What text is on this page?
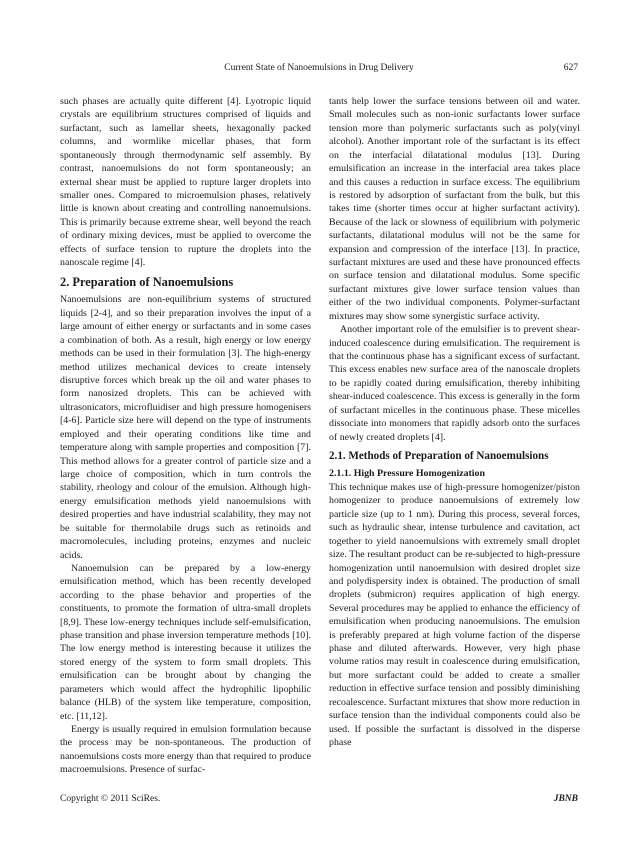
Current State of Nanoemulsions in Drug Delivery	627

such phases are actually quite different [4]. Lyotropic liquid crystals are equilibrium structures comprised of liquids and surfactant, such as lamellar sheets, hexagonally packed columns, and wormlike micellar phases, that form spontaneously through thermodynamic self assembly. By contrast, nanoemulsions do not form spontaneously; an external shear must be applied to rupture larger droplets into smaller ones. Compared to microemulsion phases, relatively little is known about creating and controlling nanoemulsions. This is primarily because extreme shear, well beyond the reach of ordinary mixing devices, must be applied to overcome the effects of surface tension to rupture the droplets into the nanoscale regime [4].

2. Preparation of Nanoemulsions

Nanoemulsions are non-equilibrium systems of structured liquids [2-4], and so their preparation involves the input of a large amount of either energy or surfactants and in some cases a combination of both. As a result, high energy or low energy methods can be used in their formulation [3]. The high-energy method utilizes mechanical devices to create intensely disruptive forces which break up the oil and water phases to form nanosized droplets. This can be achieved with ultrasonicators, microfluidiser and high pressure homogenisers [4-6]. Particle size here will depend on the type of instruments employed and their operating conditions like time and temperature along with sample properties and composition [7]. This method allows for a greater control of particle size and a large choice of composition, which in turn controls the stability, rheology and colour of the emulsion. Although high-energy emulsification methods yield nanoemulsions with desired properties and have industrial scalability, they may not be suitable for thermolabile drugs such as retinoids and macromolecules, including proteins, enzymes and nucleic acids.

Nanoemulsion can be prepared by a low-energy emulsification method, which has been recently developed according to the phase behavior and properties of the constituents, to promote the formation of ultra-small droplets [8,9]. These low-energy techniques include self-emulsification, phase transition and phase inversion temperature methods [10]. The low energy method is interesting because it utilizes the stored energy of the system to form small droplets. This emulsification can be brought about by changing the parameters which would affect the hydrophilic lipophilic balance (HLB) of the system like temperature, composition, etc. [11,12].

Energy is usually required in emulsion formulation because the process may be non-spontaneous. The production of nanoemulsions costs more energy than that required to produce macroemulsions. Presence of surfac-

tants help lower the surface tensions between oil and water. Small molecules such as non-ionic surfactants lower surface tension more than polymeric surfactants such as poly(vinyl alcohol). Another important role of the surfactant is its effect on the interfacial dilatational modulus [13]. During emulsification an increase in the interfacial area takes place and this causes a reduction in surface excess. The equilibrium is restored by adsorption of surfactant from the bulk, but this takes time (shorter times occur at higher surfactant activity). Because of the lack or slowness of equilibrium with polymeric surfactants, dilatational modulus will not be the same for expansion and compression of the interface [13]. In practice, surfactant mixtures are used and these have pronounced effects on surface tension and dilatational modulus. Some specific surfactant mixtures give lower surface tension values than either of the two individual components. Polymer-surfactant mixtures may show some synergistic surface activity.

Another important role of the emulsifier is to prevent shear-induced coalescence during emulsification. The requirement is that the continuous phase has a significant excess of surfactant. This excess enables new surface area of the nanoscale droplets to be rapidly coated during emulsification, thereby inhibiting shear-induced coalescence. This excess is generally in the form of surfactant micelles in the continuous phase. These micelles dissociate into monomers that rapidly adsorb onto the surfaces of newly created droplets [4].

2.1. Methods of Preparation of Nanoemulsions
2.1.1. High Pressure Homogenization

This technique makes use of high-pressure homogenizer/piston homogenizer to produce nanoemulsions of extremely low particle size (up to 1 nm). During this process, several forces, such as hydraulic shear, intense turbulence and cavitation, act together to yield nanoemulsions with extremely small droplet size. The resultant product can be re-subjected to high-pressure homogenization until nanoemulsion with desired droplet size and polydispersity index is obtained. The production of small droplets (submicron) requires application of high energy. Several procedures may be applied to enhance the efficiency of emulsification when producing nanoemulsions. The emulsion is preferably prepared at high volume faction of the disperse phase and diluted afterwards. However, very high phase volume ratios may result in coalescence during emulsification, but more surfactant could be added to create a smaller reduction in effective surface tension and possibly diminishing recoalescence. Surfactant mixtures that show more reduction in surface tension than the individual components could also be used. If possible the surfactant is dissolved in the disperse phase

Copyright © 2011 SciRes.	JBNB
